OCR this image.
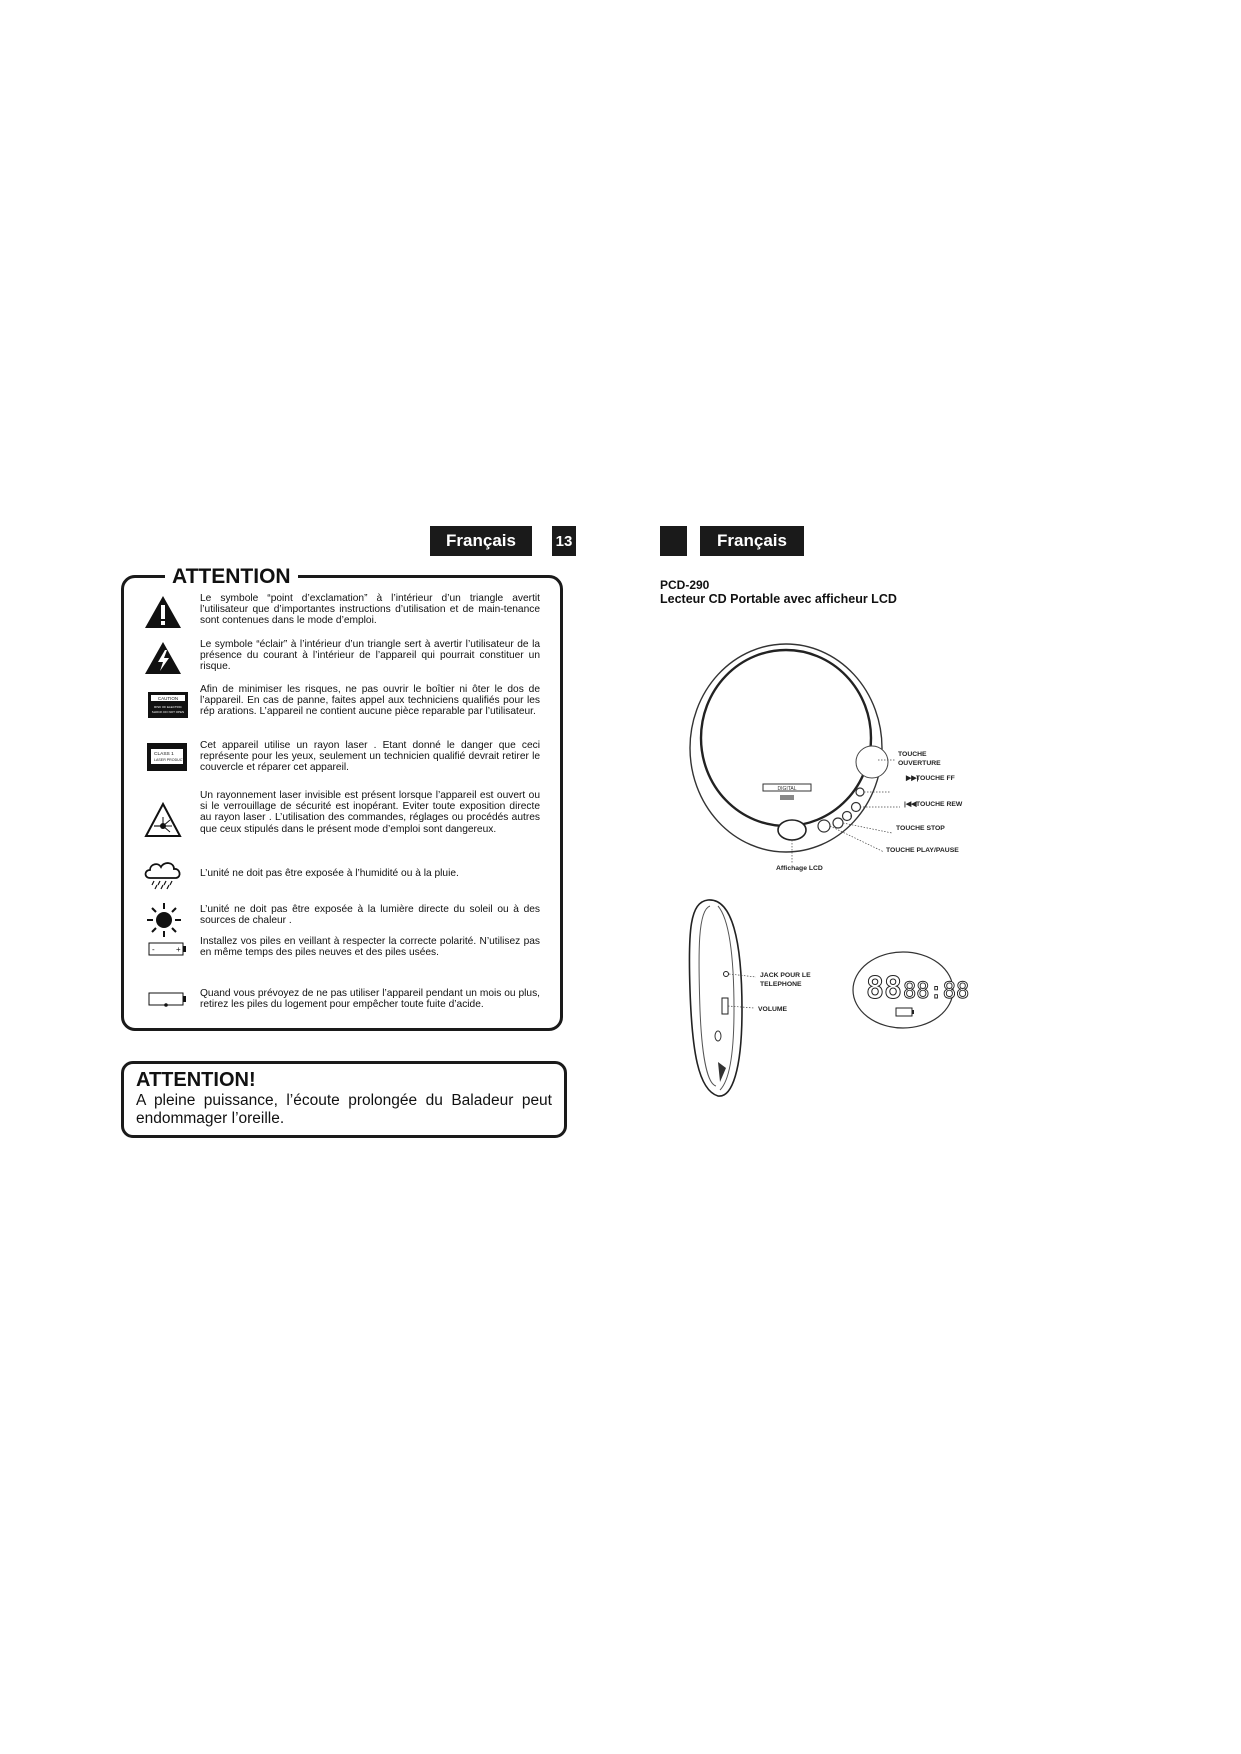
Français	13	Français
Le symbole “point d’exclamation” à l’intérieur d’un triangle avertit l’utilisateur que d’importantes instructions d’utilisation et de main-tenance sont contenues dans le mode d’emploi.
Le symbole “éclair” à l’intérieur d’un triangle sert à avertir l’utilisateur de la présence du courant à l’intérieur de l’appareil qui pourrait constituer un risque.
CAUTION
RISK OF ELECTRIC
SHOCK DO NOT OPEN
Afin de minimiser les risques, ne pas ouvrir le boîtier ni ôter le dos de l’appareil. En cas de panne, faites appel aux techniciens qualifiés pour les rép arations. L’appareil ne contient aucune pièce reparable par l’utilisateur.
CLASS 1
LASER PRODUCT
Cet appareil utilise un rayon laser . Etant donné le danger que ceci représente pour les yeux, seulement un technicien qualifié devrait retirer le couvercle et réparer cet appareil.
Un rayonnement laser invisible est présent lorsque l’appareil est ouvert ou si le verrouillage de sécurité est inopérant. Eviter toute exposition directe au rayon laser . L’utilisation des commandes, réglages ou procédés autres que ceux stipulés dans le présent mode d’emploi sont dangereux.
L’unité ne doit pas être exposée à l’humidité ou à la pluie.
L’unité ne doit pas être exposée à la lumière directe du soleil ou à des sources de chaleur .
-	+
Installez vos piles en veillant à respecter la correcte polarité. N’utilisez pas en même temps des piles neuves et des piles usées.
Quand vous prévoyez de ne pas utiliser l’appareil pendant un mois ou plus, retirez les piles du logement pour empêcher toute fuite d’acide.
ATTENTION
ATTENTION!
A pleine puissance, l’écoute prolongée du Baladeur peut endommager l’oreille.
PCD-290
Lecteur CD Portable avec afficheur LCD
DIGITAL
TOUCHE
OUVERTURE
▶▶|
TOUCHE FF
|◀◀ TOUCHE REW
TOUCHE STOP
TOUCHE PLAY/PAUSE
Affichage LCD
JACK POUR LE
TELEPHONE
VOLUME
88 88:88
